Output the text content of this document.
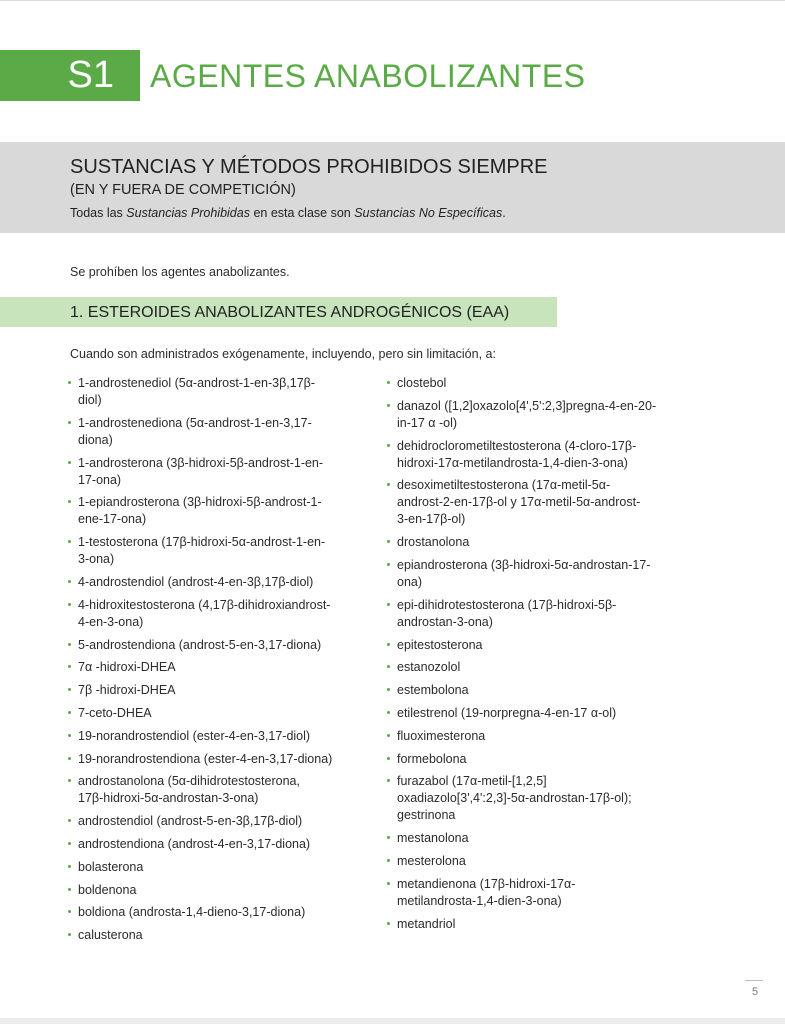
S1	AGENTES ANABOLIZANTES
SUSTANCIAS Y MÉTODOS PROHIBIDOS SIEMPRE
(EN Y FUERA DE COMPETICIÓN)
Todas las Sustancias Prohibidas en esta clase son Sustancias No Específicas.
Se prohíben los agentes anabolizantes.
1. ESTEROIDES ANABOLIZANTES ANDROGÉNICOS (EAA)
Cuando son administrados exógenamente, incluyendo, pero sin limitación, a:
1-androstenediol (5α-androst-1-en-3β,17β-
diol)
1-androstenediona (5α-androst-1-en-3,17-
diona)
1-androsterona (3β-hidroxi-5β-androst-1-en-
17-ona)
1-epiandrosterona (3β-hidroxi-5β-androst-1-
ene-17-ona)
1-testosterona (17β-hidroxi-5α-androst-1-en-
3-ona)
4-androstendiol (androst-4-en-3β,17β-diol)
4-hidroxitestosterona (4,17β-dihidroxiandrost-
4-en-3-ona)
5-androstendiona (androst-5-en-3,17-diona)
7α -hidroxi-DHEA
7β -hidroxi-DHEA
7-ceto-DHEA
19-norandrostendiol (ester-4-en-3,17-diol)
19-norandrostendiona (ester-4-en-3,17-diona)
androstanolona (5α-dihidrotestosterona,
17β-hidroxi-5α-androstan-3-ona)
androstendiol (androst-5-en-3β,17β-diol)
androstendiona (androst-4-en-3,17-diona)
bolasterona
boldenona
boldiona (androsta-1,4-dieno-3,17-diona)
calusterona
clostebol
danazol ([1,2]oxazolo[4',5':2,3]pregna-4-en-20-
in-17 α -ol)
dehidroclorometiltestosterona (4-cloro-17β-
hidroxi-17α-metilandrosta-1,4-dien-3-ona)
desoximetiltestosterona (17α-metil-5α-
androst-2-en-17β-ol y 17α-metil-5α-androst-
3-en-17β-ol)
drostanolona
epiandrosterona (3β-hidroxi-5α-androstan-17-
ona)
epi-dihidrotestosterona (17β-hidroxi-5β-
androstan-3-ona)
epitestosterona
estanozolol
estembolona
etilestrenol (19-norpregna-4-en-17 α-ol)
fluoximesterona
formebolona
furazabol (17α-metil-[1,2,5]
oxadiazolo[3',4':2,3]-5α-androstan-17β-ol);
gestrinona
mestanolona
mesterolona
metandienona (17β-hidroxi-17α-
metilandrosta-1,4-dien-3-ona)
metandriol
5
